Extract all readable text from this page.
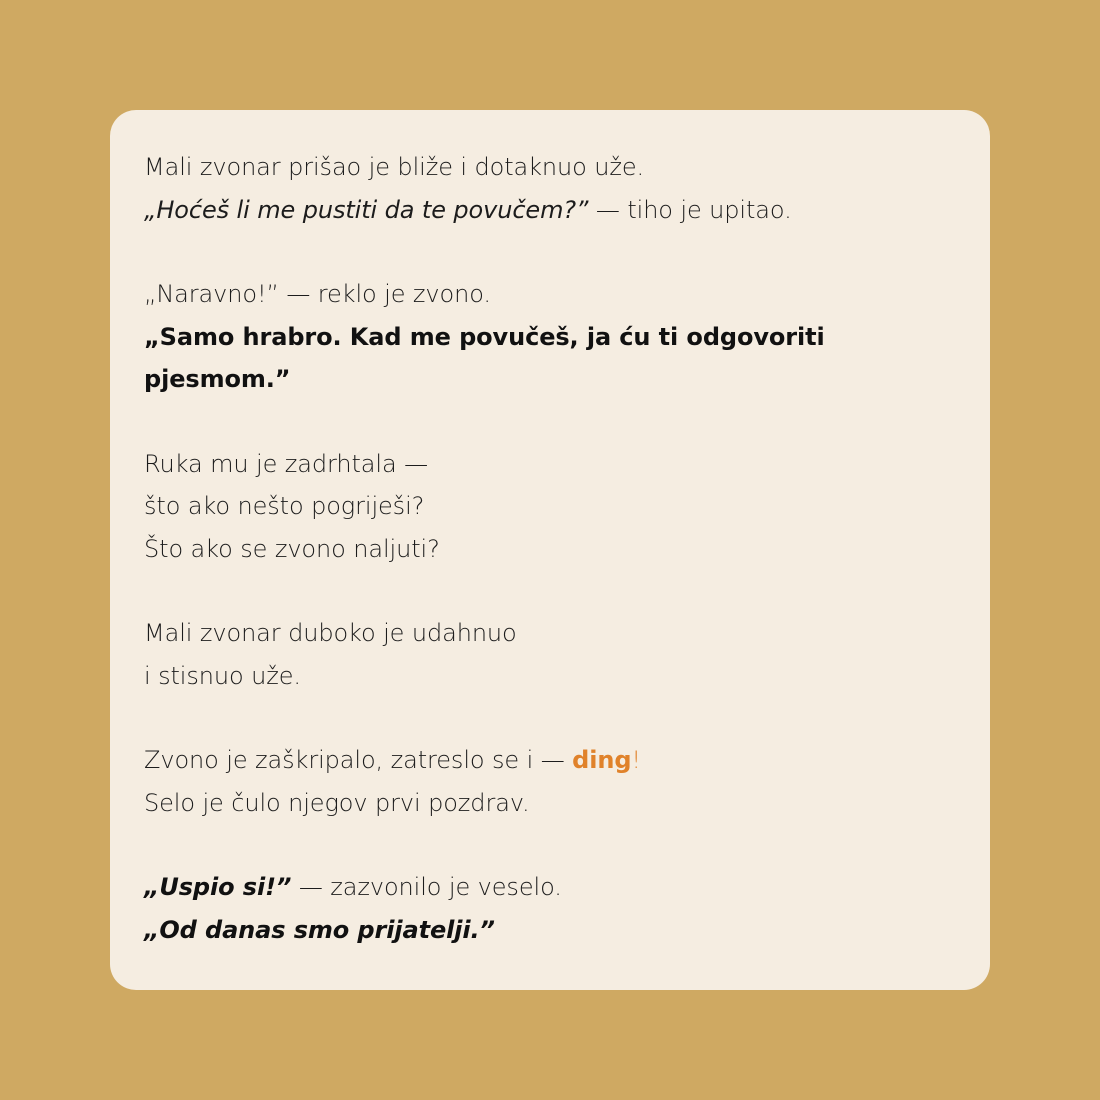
Mali zvonar prišao je bliže i dotaknuo uže.
„Hoćeš li me pustiti da te povučem?” — tiho je upitao.
„Naravno!” — reklo je zvono.
„Samo hrabro. Kad me povučeš, ja ću ti odgovoriti pjesmom.”
Ruka mu je zadrhtala —
što ako nešto pogriješi?
Što ako se zvono naljuti?
Mali zvonar duboko je udahnuo
i stisnuo uže.
Zvono je zaškripalo, zatreslo se i — ding!
Selo je čulo njegov prvi pozdrav.
„Uspio si!” — zazvonilo je veselo.
„Od danas smo prijatelji.”
